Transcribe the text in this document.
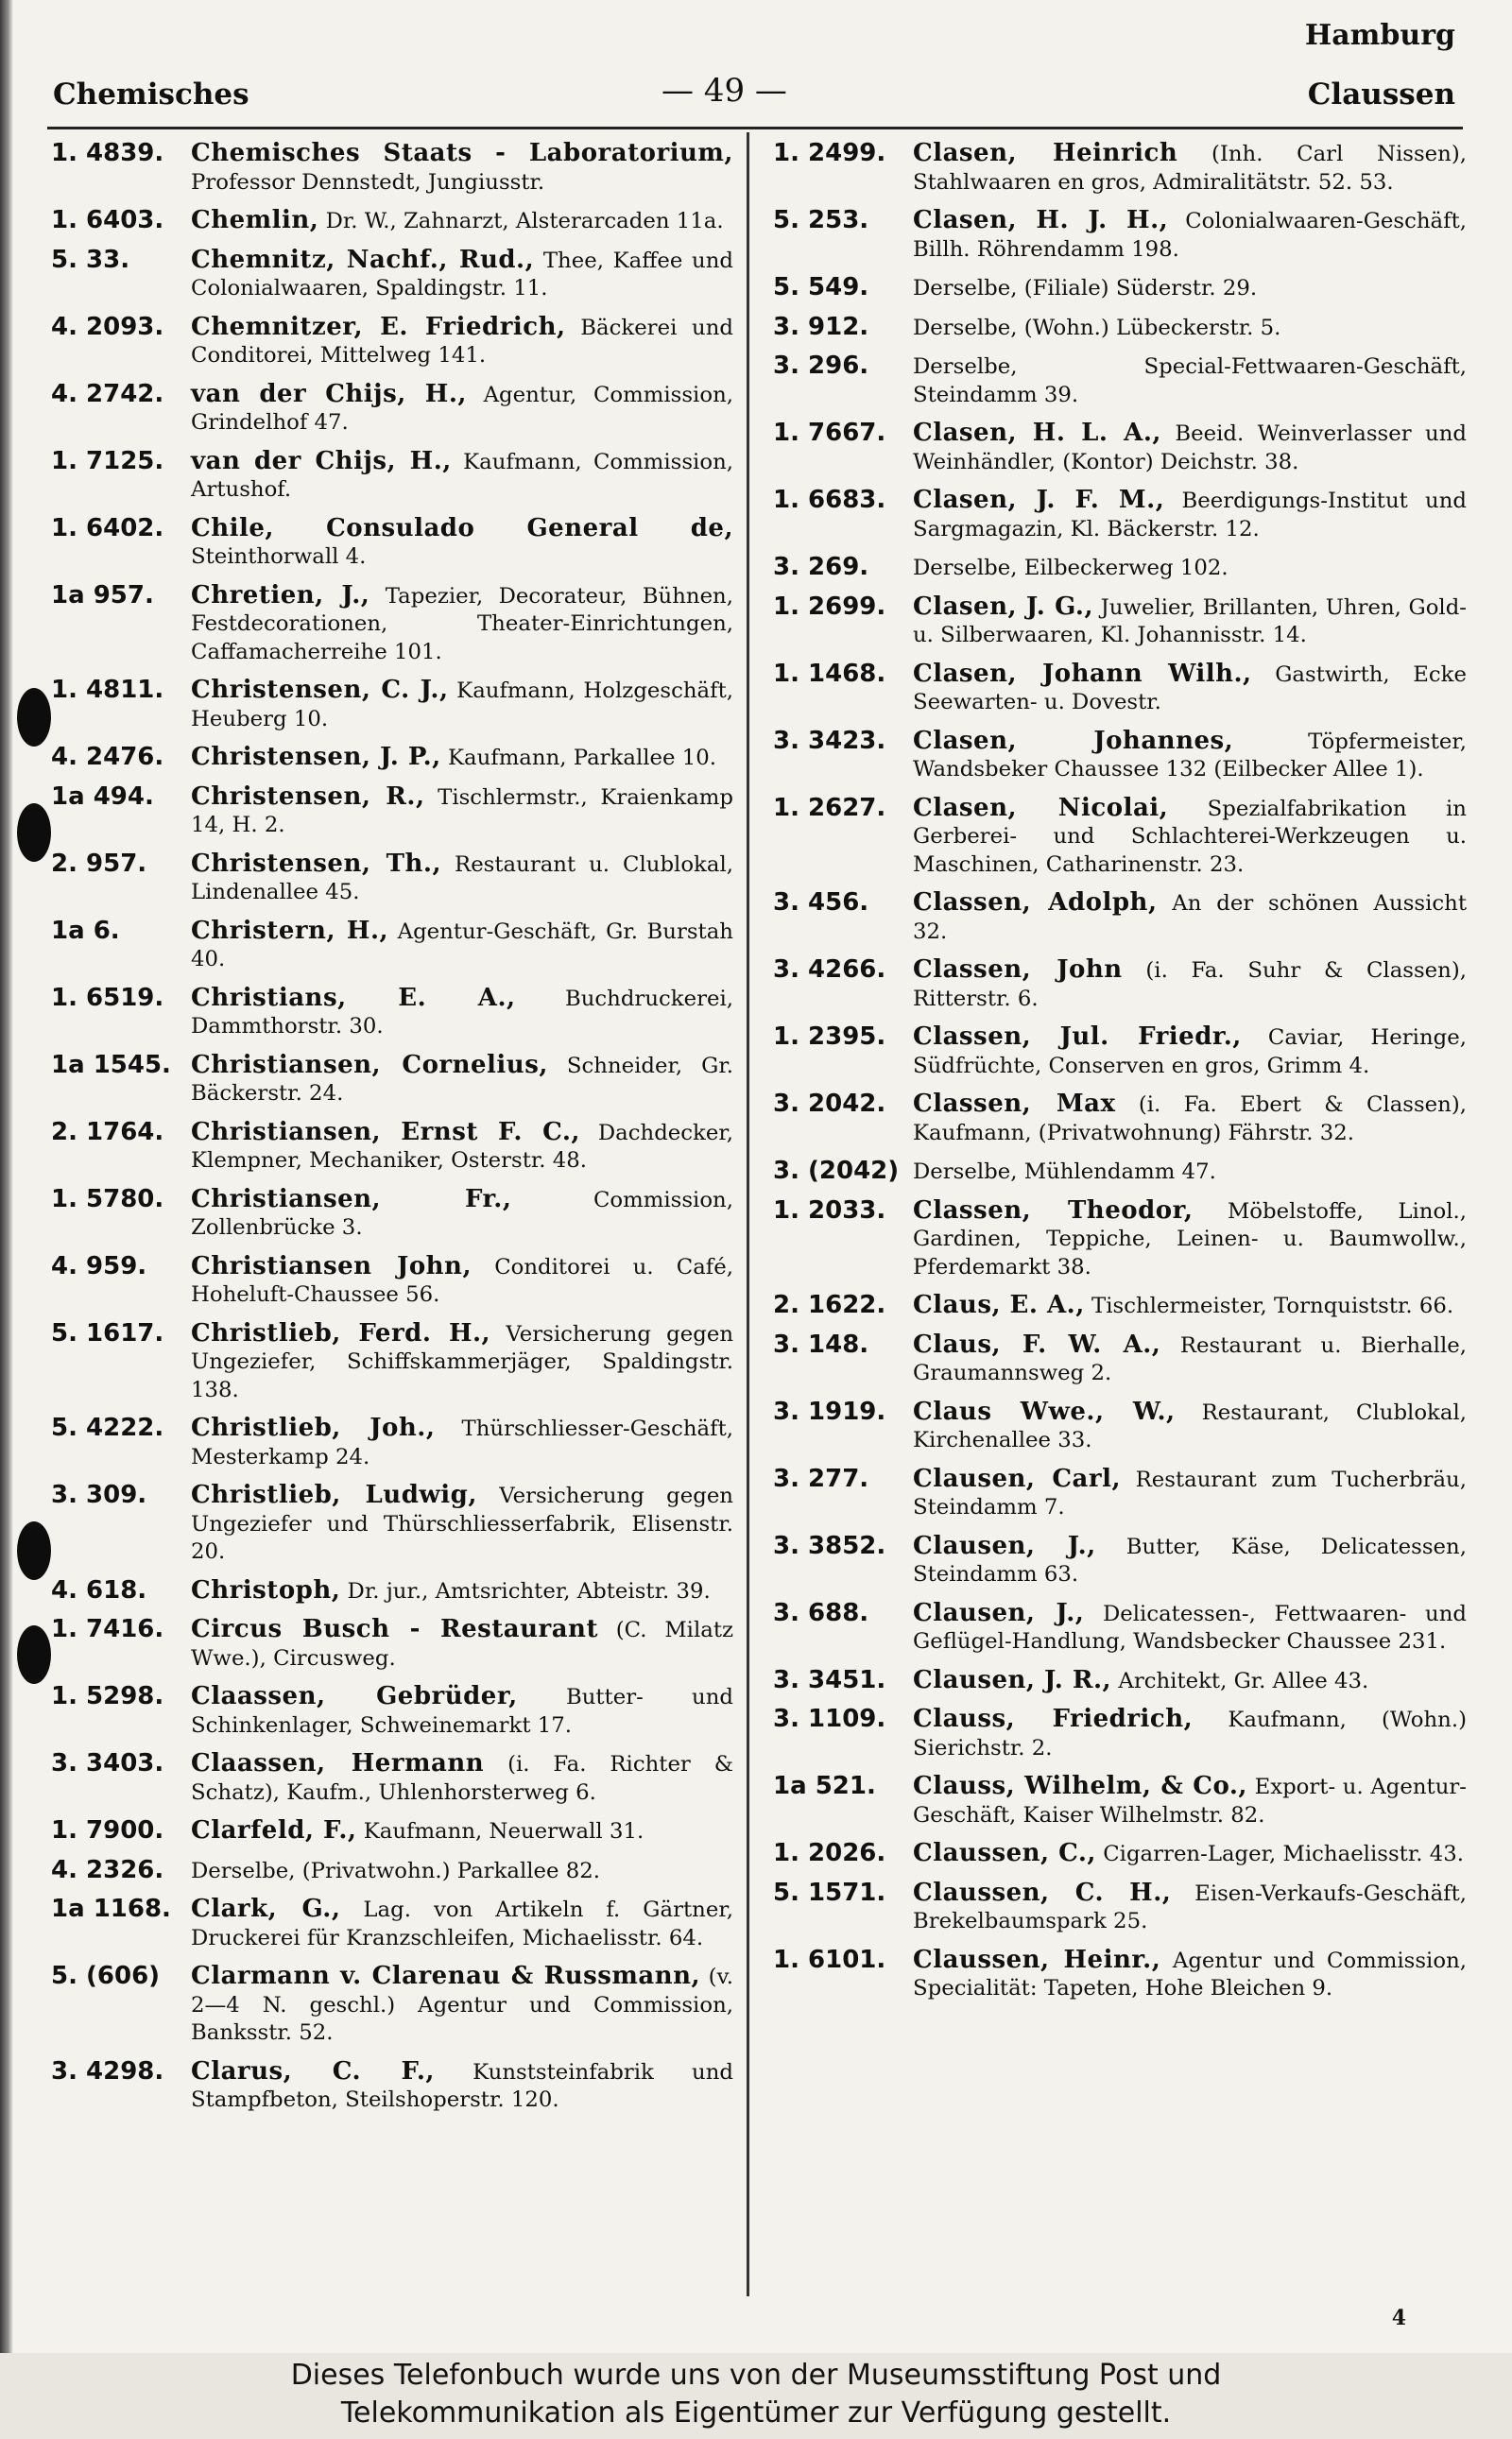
Hamburg
Chemisches	— 49 —	Claussen
1. 4839. Chemisches Staats - Laboratorium, Professor Dennstedt, Jungiusstr.
1. 6403. Chemlin, Dr. W., Zahnarzt, Alsterarcaden 11a.
5. 33. Chemnitz, Nachf., Rud., Thee, Kaffee und Colonialwaaren, Spaldingstr. 11.
4. 2093. Chemnitzer, E. Friedrich, Bäckerei und Conditorei, Mittelweg 141.
4. 2742. van der Chijs, H., Agentur, Commission, Grindelhof 47.
1. 7125. van der Chijs, H., Kaufmann, Commission, Artushof.
1. 6402. Chile, Consulado General de, Steinthorwall 4.
1a 957. Chretien, J., Tapezier, Decorateur, Bühnen, Festdecorationen, Theater-Einrichtungen, Caffamacherreihe 101.
1. 4811. Christensen, C. J., Kaufmann, Holzgeschäft, Heuberg 10.
4. 2476. Christensen, J. P., Kaufmann, Parkallee 10.
1a 494. Christensen, R., Tischlermstr., Kraienkamp 14, H. 2.
2. 957. Christensen, Th., Restaurant u. Clublokal, Lindenallee 45.
1a 6.	Christern, H., Agentur-Geschäft, Gr. Burstah 40.
1. 6519. Christians, E. A., Buchdruckerei, Dammthorstr. 30.
1a 1545. Christiansen, Cornelius, Schneider, Gr. Bäckerstr. 24.
2. 1764. Christiansen, Ernst F. C., Dachdecker, Klempner, Mechaniker, Osterstr. 48.
1. 5780. Christiansen, Fr., Commission, Zollenbrücke 3.
4. 959. Christiansen John, Conditorei u. Café, Hoheluft-Chaussee 56.
5. 1617. Christlieb, Ferd. H., Versicherung gegen Ungeziefer, Schiffskammerjäger, Spaldingstr. 138.
5. 4222. Christlieb, Joh., Thürschliesser-Geschäft, Mesterkamp 24.
3. 309. Christlieb, Ludwig, Versicherung gegen Ungeziefer und Thürschliesserfabrik, Elisenstr. 20.
4. 618. Christoph, Dr. jur., Amtsrichter, Abteistr. 39.
1. 7416. Circus Busch - Restaurant (C. Milatz Wwe.), Circusweg.
1. 5298. Claassen, Gebrüder, Butter- und Schinkenlager, Schweinemarkt 17.
3. 3403. Claassen, Hermann (i. Fa. Richter & Schatz), Kaufm., Uhlenhorsterweg 6.
1. 7900. Clarfeld, F., Kaufmann, Neuerwall 31.
4. 2326. Derselbe, (Privatwohn.) Parkallee 82.
1a 1168. Clark, G., Lag. von Artikeln f. Gärtner, Druckerei für Kranzschleifen, Michaelisstr. 64.
5. (606) Clarmann v. Clarenau & Russmann, (v. 2—4 N. geschl.) Agentur und Commission, Banksstr. 52.
3. 4298. Clarus, C. F., Kunststeinfabrik und Stampfbeton, Steilshoperstr. 120.
1. 2499. Clasen, Heinrich (Inh. Carl Nissen), Stahlwaaren en gros, Admiralitätstr. 52. 53.
5. 253. Clasen, H. J. H., Colonialwaaren-Geschäft, Billh. Röhrendamm 198.
5. 549. Derselbe, (Filiale) Süderstr. 29.
3. 912. Derselbe, (Wohn.) Lübeckerstr. 5.
3. 296. Derselbe, Special-Fettwaaren-Geschäft, Steindamm 39.
1. 7667. Clasen, H. L. A., Beeid. Weinverlasser und Weinhändler, (Kontor) Deichstr. 38.
1. 6683. Clasen, J. F. M., Beerdigungs-Institut und Sargmagazin, Kl. Bäckerstr. 12.
3. 269. Derselbe, Eilbeckerweg 102.
1. 2699. Clasen, J. G., Juwelier, Brillanten, Uhren, Gold- u. Silberwaaren, Kl. Johannisstr. 14.
1. 1468. Clasen, Johann Wilh., Gastwirth, Ecke Seewarten- u. Dovestr.
3. 3423. Clasen, Johannes, Töpfermeister, Wandsbeker Chaussee 132 (Eilbecker Allee 1).
1. 2627. Clasen, Nicolai, Spezialfabrikation in Gerberei- und Schlachterei-Werkzeugen u. Maschinen, Catharinenstr. 23.
3. 456. Classen, Adolph, An der schönen Aussicht 32.
3. 4266. Classen, John (i. Fa. Suhr & Classen), Ritterstr. 6.
1. 2395. Classen, Jul. Friedr., Caviar, Heringe, Südfrüchte, Conserven en gros, Grimm 4.
3. 2042. Classen, Max (i. Fa. Ebert & Classen), Kaufmann, (Privatwohnung) Fährstr. 32.
3. (2042) Derselbe, Mühlendamm 47.
1. 2033. Classen, Theodor, Möbelstoffe, Linol., Gardinen, Teppiche, Leinen- u. Baumwollw., Pferdemarkt 38.
2. 1622. Claus, E. A., Tischlermeister, Tornquiststr. 66.
3. 148. Claus, F. W. A., Restaurant u. Bierhalle, Graumannsweg 2.
3. 1919. Claus Wwe., W., Restaurant, Clublokal, Kirchenallee 33.
3. 277. Clausen, Carl, Restaurant zum Tucherbräu, Steindamm 7.
3. 3852. Clausen, J., Butter, Käse, Delicatessen, Steindamm 63.
3. 688. Clausen, J., Delicatessen-, Fettwaaren- und Geflügel-Handlung, Wandsbecker Chaussee 231.
3. 3451. Clausen, J. R., Architekt, Gr. Allee 43.
3. 1109. Clauss, Friedrich, Kaufmann, (Wohn.) Sierichstr. 2.
1a 521. Clauss, Wilhelm, & Co., Export- u. Agentur-Geschäft, Kaiser Wilhelmstr. 82.
1. 2026. Claussen, C., Cigarren-Lager, Michaelisstr. 43.
5. 1571. Claussen, C. H., Eisen-Verkaufs-Geschäft, Brekelbaumspark 25.
1. 6101. Claussen, Heinr., Agentur und Commission, Specialität: Tapeten, Hohe Bleichen 9.
4
Dieses Telefonbuch wurde uns von der Museumsstiftung Post und
Telekommunikation als Eigentümer zur Verfügung gestellt.
